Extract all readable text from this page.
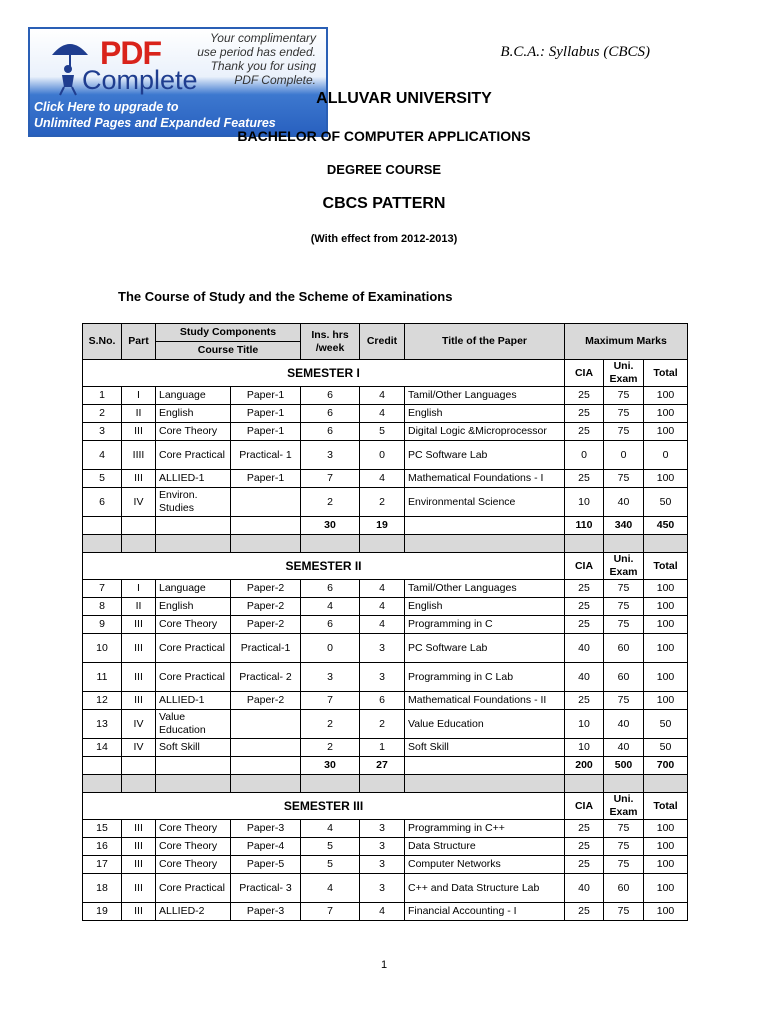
B.C.A.: Syllabus (CBCS)
PDF
Complete
Your complimentary
use period has ended.
Thank you for using
PDF Complete.
Click Here to upgrade to
Unlimited Pages and Expanded Features
ALLUVAR UNIVERSITY
BACHELOR OF COMPUTER APPLICATIONS
DEGREE COURSE
CBCS PATTERN
(With effect from 2012-2013)
The Course of Study and the Scheme of Examinations
S.No.	Part	Study Components		Ins. hrs /week	Credit	Title of the Paper	Maximum Marks		
		Course Title							
SEMESTER I							CIA	Uni. Exam	Total
1	I	Language	Paper-1	6	4	Tamil/Other Languages	25	75	100
2	II	English	Paper-1	6	4	English	25	75	100
3	III	Core Theory	Paper-1	6	5	Digital Logic &Microprocessor	25	75	100
4	IIII	Core Practical	Practical- 1	3	0	PC Software Lab	0	0	0
5	III	ALLIED-1	Paper-1	7	4	Mathematical Foundations - I	25	75	100
6	IV	Environ. Studies		2	2	Environmental Science	10	40	50
				30	19		110	340	450

SEMESTER II							CIA	Uni. Exam	Total
7	I	Language	Paper-2	6	4	Tamil/Other Languages	25	75	100
8	II	English	Paper-2	4	4	English	25	75	100
9	III	Core Theory	Paper-2	6	4	Programming in C	25	75	100
10	III	Core Practical	Practical-1	0	3	PC Software Lab	40	60	100
11	III	Core Practical	Practical- 2	3	3	Programming in C Lab	40	60	100
12	III	ALLIED-1	Paper-2	7	6	Mathematical Foundations - II	25	75	100
13	IV	Value Education		2	2	Value Education	10	40	50
14	IV	Soft Skill		2	1	Soft Skill	10	40	50
				30	27		200	500	700

SEMESTER III							CIA	Uni. Exam	Total
15	III	Core Theory	Paper-3	4	3	Programming in C++	25	75	100
16	III	Core Theory	Paper-4	5	3	Data Structure	25	75	100
17	III	Core Theory	Paper-5	5	3	Computer Networks	25	75	100
18	III	Core Practical	Practical- 3	4	3	C++ and Data Structure Lab	40	60	100
19	III	ALLIED-2	Paper-3	7	4	Financial Accounting - I	25	75	100
1
